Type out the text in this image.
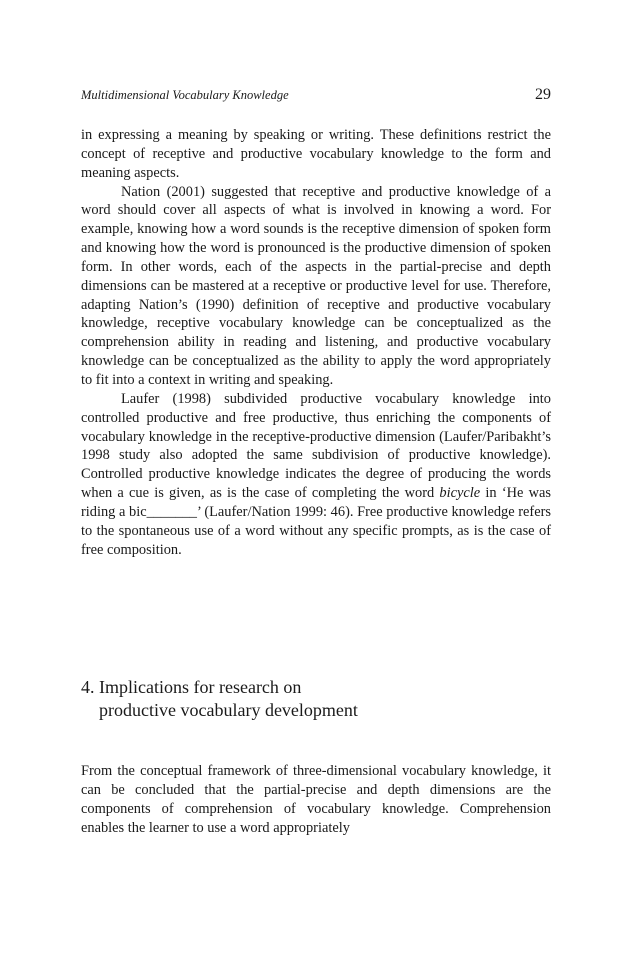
Multidimensional Vocabulary Knowledge	29

in expressing a meaning by speaking or writing. These definitions restrict the concept of receptive and productive vocabulary knowledge to the form and meaning aspects.

Nation (2001) suggested that receptive and productive knowledge of a word should cover all aspects of what is involved in knowing a word. For example, knowing how a word sounds is the receptive dimension of spoken form and knowing how the word is pronounced is the productive dimension of spoken form. In other words, each of the aspects in the partial-precise and depth dimensions can be mastered at a receptive or productive level for use. Therefore, adapting Nation’s (1990) definition of receptive and productive vocabulary knowledge, receptive vocabulary knowledge can be conceptualized as the comprehension ability in reading and listening, and productive vocabulary knowledge can be conceptualized as the ability to apply the word appropriately to fit into a context in writing and speaking.

Laufer (1998) subdivided productive vocabulary knowledge into controlled productive and free productive, thus enriching the components of vocabulary knowledge in the receptive-productive dimension (Laufer/Paribakht’s 1998 study also adopted the same subdivision of productive knowledge). Controlled productive knowledge indicates the degree of producing the words when a cue is given, as is the case of completing the word bicycle in ‘He was riding a bic_______’ (Laufer/Nation 1999: 46). Free productive knowledge refers to the spontaneous use of a word without any specific prompts, as is the case of free composition.

4. Implications for research on
productive vocabulary development

From the conceptual framework of three-dimensional vocabulary knowledge, it can be concluded that the partial-precise and depth dimensions are the components of comprehension of vocabulary knowledge. Comprehension enables the learner to use a word appropriately
